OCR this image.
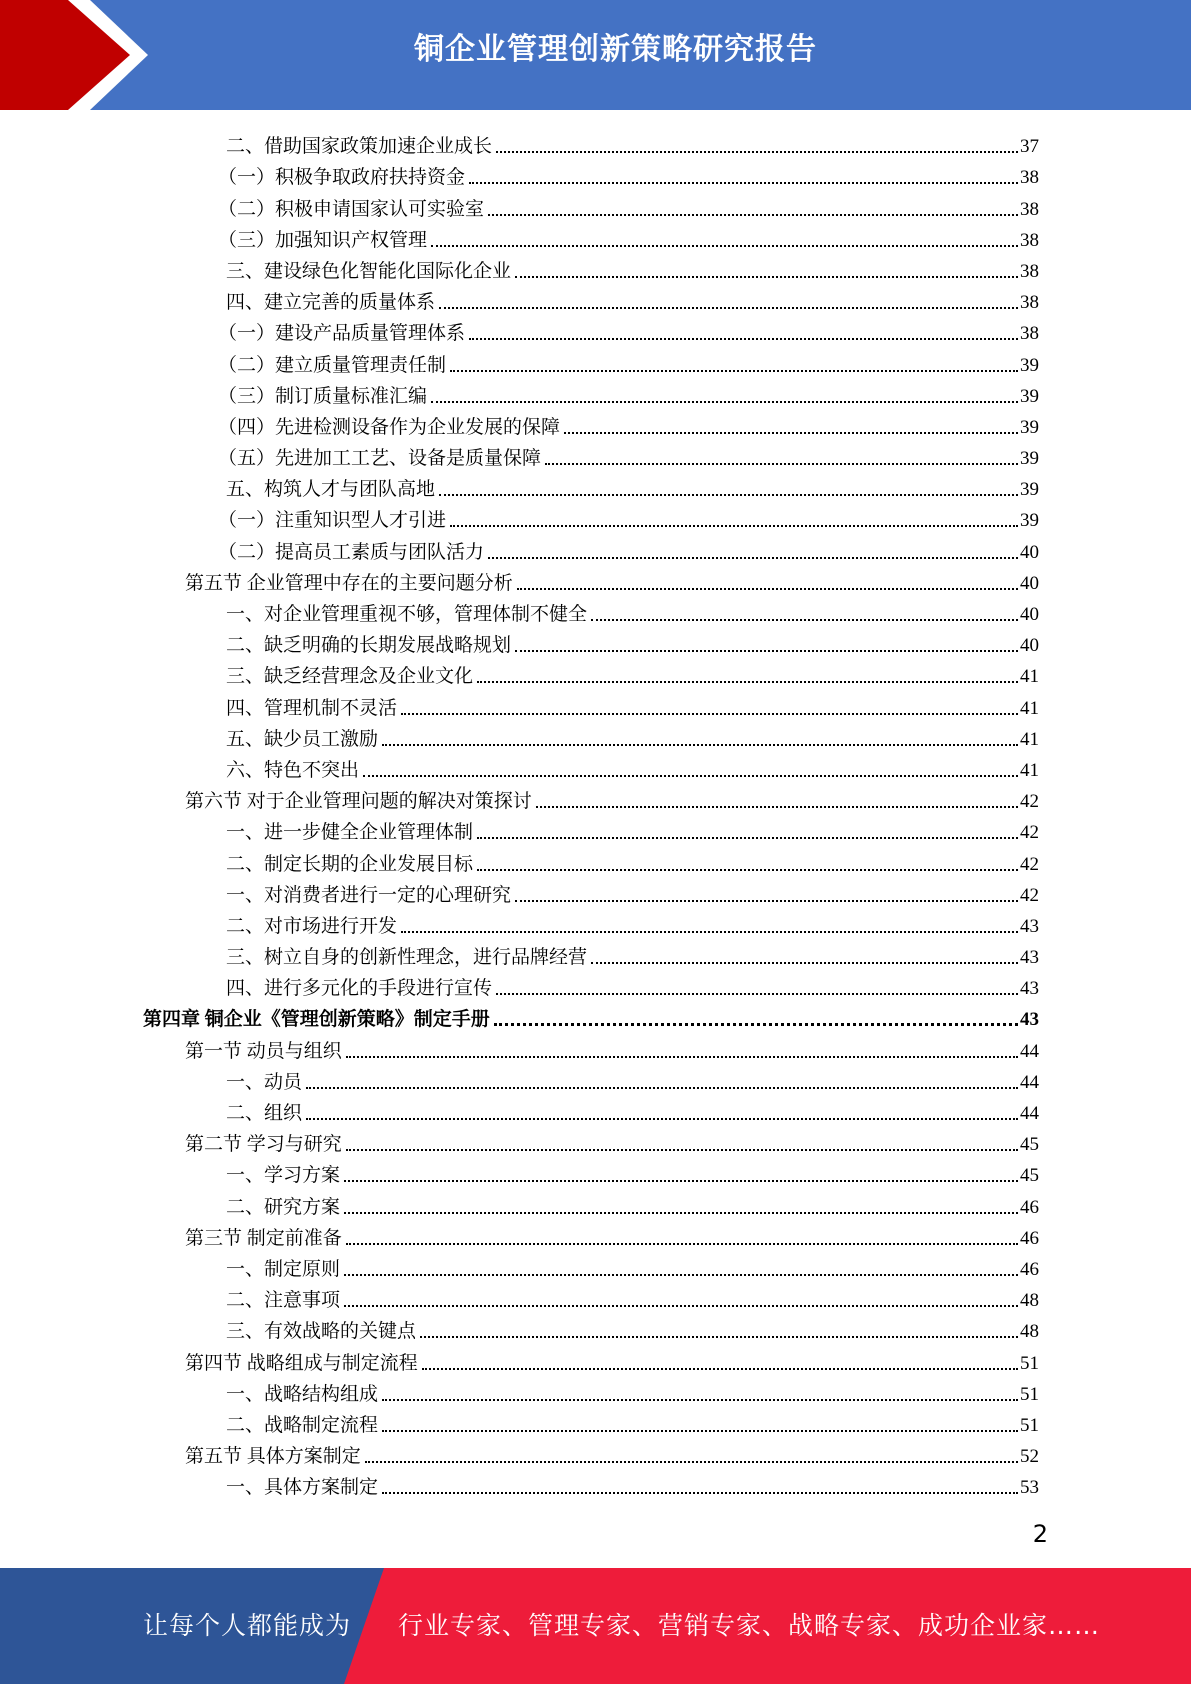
铜企业管理创新策略研究报告
二、借助国家政策加速企业成长	37
（一）积极争取政府扶持资金	38
（二）积极申请国家认可实验室	38
（三）加强知识产权管理	38
三、建设绿色化智能化国际化企业	38
四、建立完善的质量体系	38
（一）建设产品质量管理体系	38
（二）建立质量管理责任制	39
（三）制订质量标准汇编	39
（四）先进检测设备作为企业发展的保障	39
（五）先进加工工艺、设备是质量保障	39
五、构筑人才与团队高地	39
（一）注重知识型人才引进	39
（二）提高员工素质与团队活力	40
第五节 企业管理中存在的主要问题分析	40
一、对企业管理重视不够，管理体制不健全	40
二、缺乏明确的长期发展战略规划	40
三、缺乏经营理念及企业文化	41
四、管理机制不灵活	41
五、缺少员工激励	41
六、特色不突出	41
第六节 对于企业管理问题的解决对策探讨	42
一、进一步健全企业管理体制	42
二、制定长期的企业发展目标	42
一、对消费者进行一定的心理研究	42
二、对市场进行开发	43
三、树立自身的创新性理念，进行品牌经营	43
四、进行多元化的手段进行宣传	43
第四章 铜企业《管理创新策略》制定手册	43
第一节 动员与组织	44
一、动员	44
二、组织	44
第二节 学习与研究	45
一、学习方案	45
二、研究方案	46
第三节 制定前准备	46
一、制定原则	46
二、注意事项	48
三、有效战略的关键点	48
第四节 战略组成与制定流程	51
一、战略结构组成	51
二、战略制定流程	51
第五节 具体方案制定	52
一、具体方案制定	53
2
让每个人都能成为 行业专家、管理专家、营销专家、战略专家、成功企业家……
